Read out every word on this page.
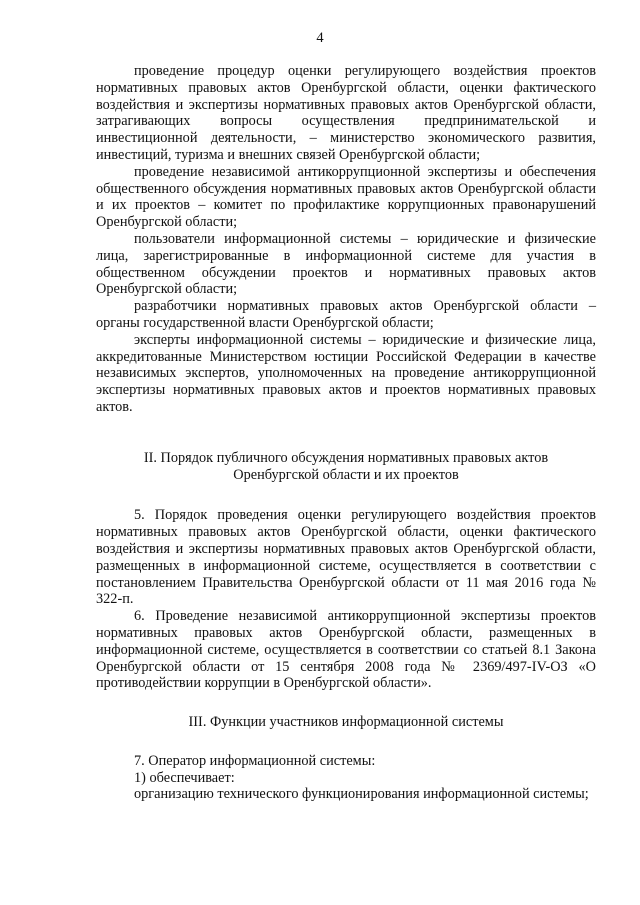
4

проведение процедур оценки регулирующего воздействия проектов нормативных правовых актов Оренбургской области, оценки фактического воздействия и экспертизы нормативных правовых актов Оренбургской области, затрагивающих вопросы осуществления предпринимательской и инвестиционной деятельности, – министерство экономического развития, инвестиций, туризма и внешних связей Оренбургской области;

проведение независимой антикоррупционной экспертизы и обеспечения общественного обсуждения нормативных правовых актов Оренбургской области и их проектов – комитет по профилактике коррупционных правонарушений Оренбургской области;

пользователи информационной системы – юридические и физические лица, зарегистрированные в информационной системе для участия в общественном обсуждении проектов и нормативных правовых актов Оренбургской области;

разработчики нормативных правовых актов Оренбургской области – органы государственной власти Оренбургской области;

эксперты информационной системы – юридические и физические лица, аккредитованные Министерством юстиции Российской Федерации в качестве независимых экспертов, уполномоченных на проведение антикоррупционной экспертизы нормативных правовых актов и проектов нормативных правовых актов.

II. Порядок публичного обсуждения нормативных правовых актов

Оренбургской области и их проектов

5. Порядок проведения оценки регулирующего воздействия проектов нормативных правовых актов Оренбургской области, оценки фактического воздействия и экспертизы нормативных правовых актов Оренбургской области, размещенных в информационной системе, осуществляется в соответствии с постановлением Правительства Оренбургской области от 11 мая 2016 года № 322-п.

6. Проведение независимой антикоррупционной экспертизы проектов нормативных правовых актов Оренбургской области, размещенных в информационной системе, осуществляется в соответствии со статьей 8.1 Закона Оренбургской области от 15 сентября 2008 года № 2369/497-IV-ОЗ «О противодействии коррупции в Оренбургской области».

III. Функции участников информационной системы

7. Оператор информационной системы:

1) обеспечивает:

организацию технического функционирования информационной системы;
